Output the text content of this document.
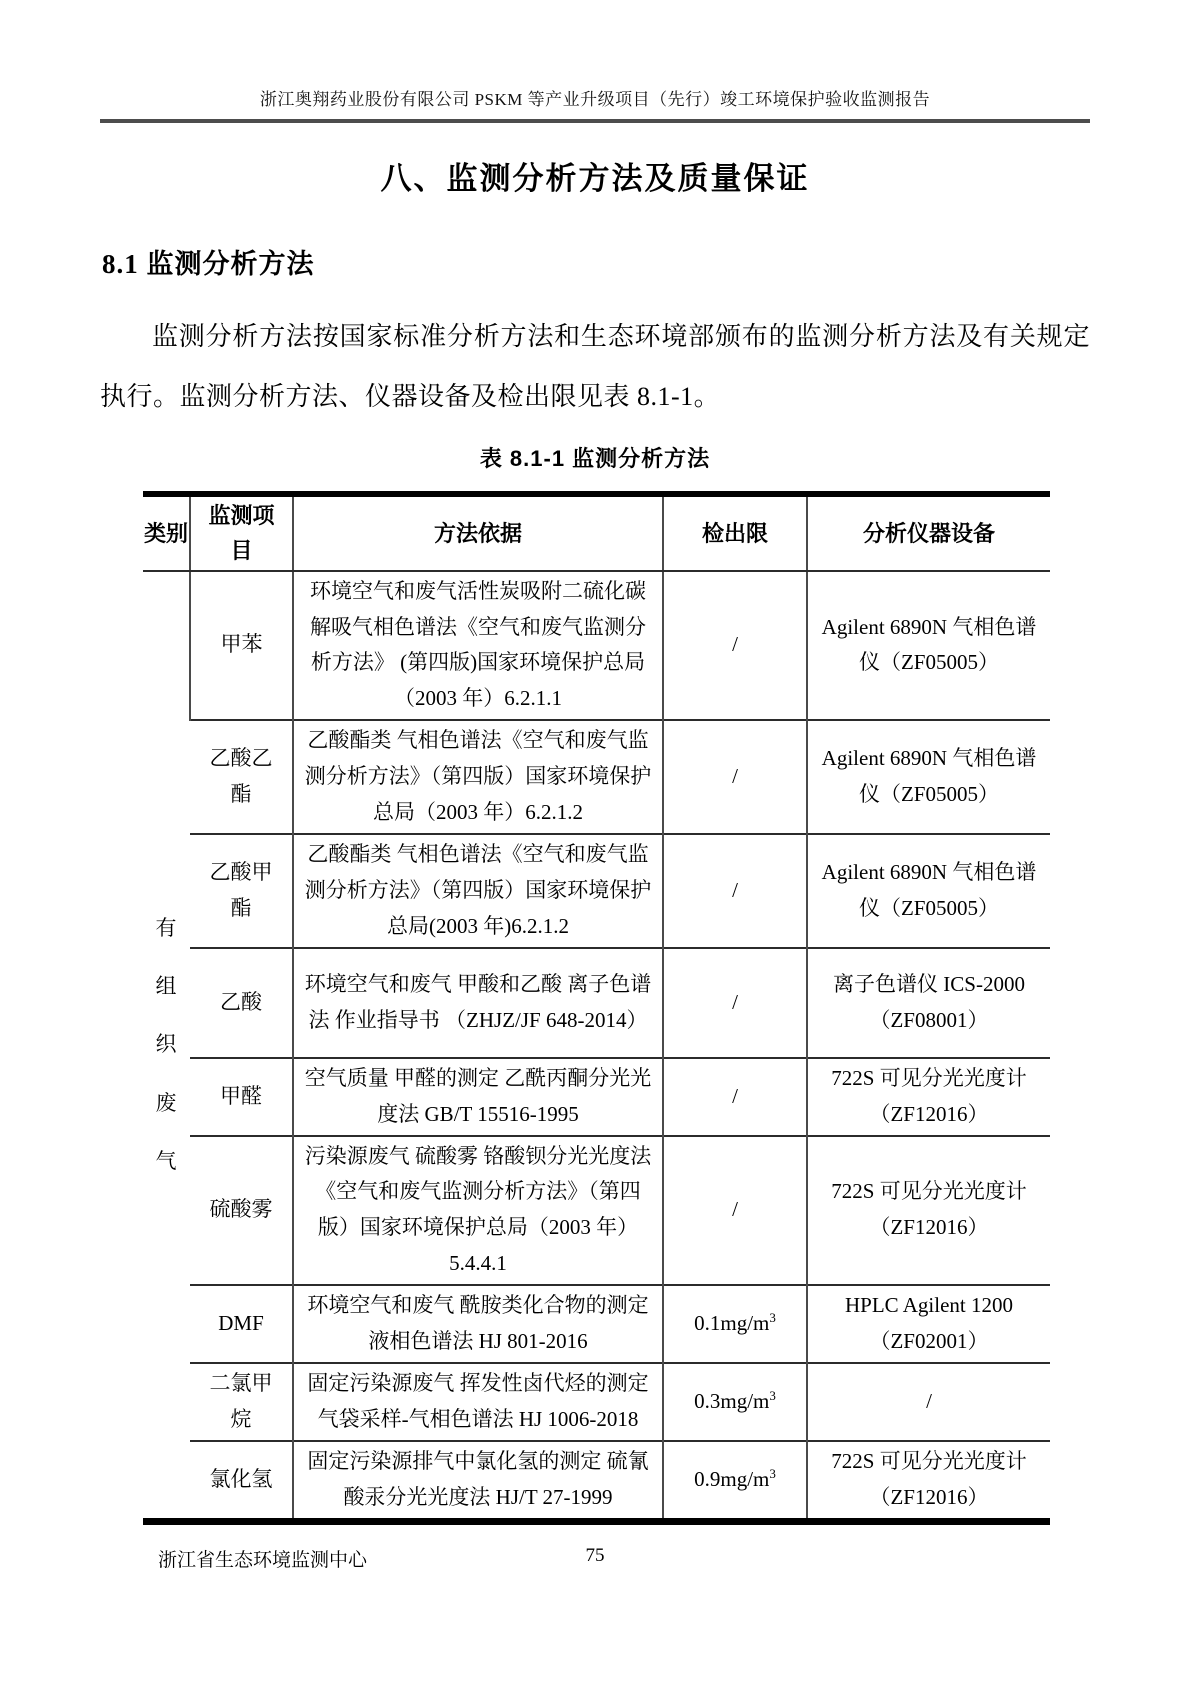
浙江奥翔药业股份有限公司 PSKM 等产业升级项目（先行）竣工环境保护验收监测报告
八、监测分析方法及质量保证
8.1 监测分析方法

监测分析方法按国家标准分析方法和生态环境部颁布的监测分析方法及有关规定执行。监测分析方法、仪器设备及检出限见表 8.1-1。

表 8.1-1 监测分析方法
类别	监测项目	方法依据	检出限	分析仪器设备
有组织废气	甲苯	环境空气和废气活性炭吸附二硫化碳解吸气相色谱法《空气和废气监测分析方法》 (第四版)国家环境保护总局（2003 年）6.2.1.1	/	Agilent 6890N 气相色谱仪（ZF05005）
	乙酸乙酯	乙酸酯类 气相色谱法《空气和废气监测分析方法》（第四版）国家环境保护总局（2003 年）6.2.1.2	/	Agilent 6890N 气相色谱仪（ZF05005）
	乙酸甲酯	乙酸酯类 气相色谱法《空气和废气监测分析方法》（第四版）国家环境保护总局(2003 年)6.2.1.2	/	Agilent 6890N 气相色谱仪（ZF05005）
	乙酸	环境空气和废气 甲酸和乙酸 离子色谱法 作业指导书 （ZHJZ/JF 648-2014）	/	离子色谱仪 ICS-2000（ZF08001）
	甲醛	空气质量 甲醛的测定 乙酰丙酮分光光度法 GB/T 15516-1995	/	722S 可见分光光度计（ZF12016）
	硫酸雾	污染源废气 硫酸雾 铬酸钡分光光度法《空气和废气监测分析方法》（第四版）国家环境保护总局（2003 年）5.4.4.1	/	722S 可见分光光度计（ZF12016）
	DMF	环境空气和废气 酰胺类化合物的测定 液相色谱法 HJ 801-2016	$0.1mg/m^3$	HPLC Agilent 1200（ZF02001）
	二氯甲烷	固定污染源废气 挥发性卤代烃的测定 气袋采样-气相色谱法 HJ 1006-2018	$0.3mg/m^3$	/
	氯化氢	固定污染源排气中氯化氢的测定 硫氰酸汞分光光度法 HJ/T 27-1999	$0.9mg/m^3$	722S 可见分光光度计（ZF12016）
浙江省生态环境监测中心	75
